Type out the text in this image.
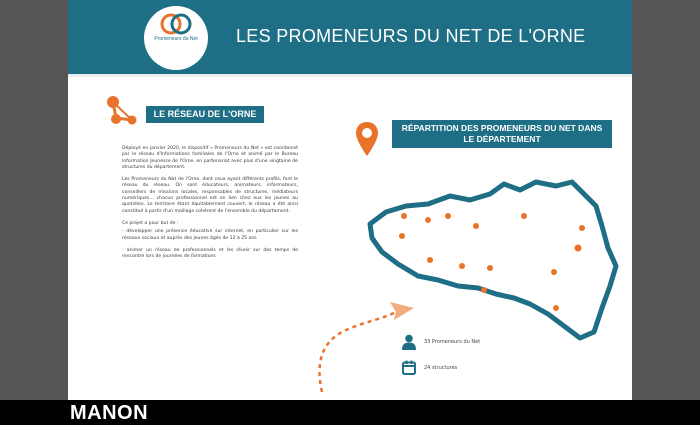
Promeneurs du Net LES PROMENEURS DU NET DE L'ORNE
LE RÉSEAU DE L'ORNE

Déployé en janvier 2020, le dispositif « Promeneurs du Net » est coordonné par le réseau d'Informations familiales de l'Orne et animé par le Bureau Information Jeunesse de l'Orne, en partenariat avec plus d'une vingtaine de structures du département.

Les Promeneurs du Net de l'Orne, dont ceux ayant différents profils, font le réseau du réseau. On sont éducateurs, animateurs, informateurs, conseillers de missions locales, responsables de structures, médiateurs numériques... chacun professionnel est en lien chez eux les jeunes au quotidien. Le territoire étant équitablement couvert, le réseau a été ainsi constitué à partir d'un maillage cohérent de l'ensemble du département.

Ce projet a pour but de :

- développer une présence éducative sur internet, en particulier sur les réseaux sociaux et auprès des jeunes âgés de 12 à 25 ans

- animer un réseau de professionnels et les réunir sur des temps de rencontre lors de journées de formations

RÉPARTITION DES PROMENEURS DU NET DANS LE DÉPARTEMENT
33 Promeneurs du Net
24 structures
MANON
